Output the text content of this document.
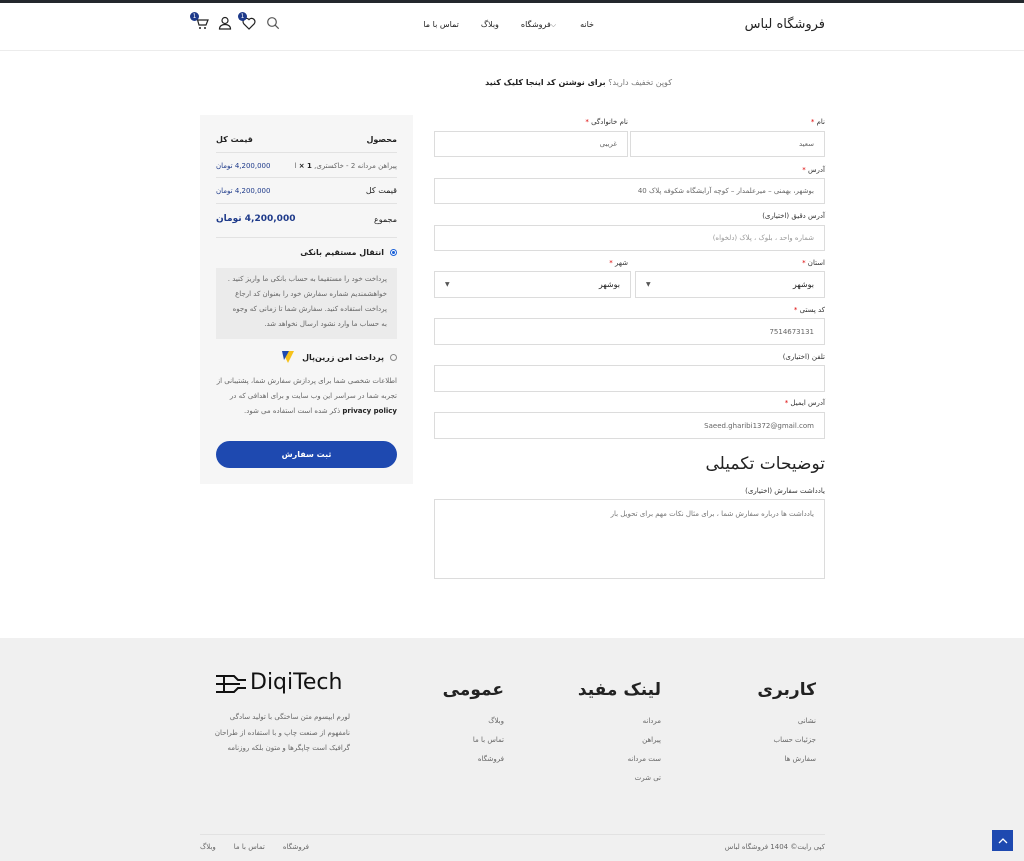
فروشگاه لباس
خانه
فروشگاه⌵
وبلاگ
تماس با ما
1	1
کوپن تخفیف دارید؟ برای نوشتن کد اینجا کلیک کنید
نام *
نام خانوادگی *
سعید
غریبی
آدرس *
بوشهر، بهمنی – میرعلمدار – کوچه آرایشگاه شکوفه پلاک 40
آدرس دقیق (اختیاری)
شماره واحد ، بلوک ، پلاک (دلخواه)
استان *
شهر *
بوشهر
▼
بوشهر
▼
کد پستی *
7514673131
تلفن (اختیاری)
آدرس ایمیل *
Saeed.gharibi1372@gmail.com
توضیحات تکمیلی
یادداشت سفارش (اختیاری)
یادداشت ها درباره سفارش شما ، برای مثال نکات مهم برای تحویل بار
محصول
قیمت کل
پیراهن مردانه 2 - خاکستری, l × 1
4,200,000 تومان
قیمت کل
4,200,000 تومان
مجموع
4,200,000 تومان
انتقال مستقیم بانکی
پرداخت خود را مستقیما به حساب بانکی ما واریز کنید . خواهشمندیم شماره سفارش خود را بعنوان کد ارجاع پرداخت استفاده کنید. سفارش شما تا زمانی که وجوه به حساب ما وارد نشود ارسال نخواهد شد.
پرداخت امن زرین‌پال
اطلاعات شخصی شما برای پردازش سفارش شما، پشتیبانی از تجربه شما در سراسر این وب سایت و برای اهدافی که در privacy policy ذکر شده است استفاده می شود.
ثبت سفارش
کاربری
نشانی
جزئیات حساب
سفارش ها
لینک مفید
مردانه
پیراهن
ست مردانه
تی شرت
عمومی
وبلاگ
تماس با ما
فروشگاه
DiqiTech
لورم ایپسوم متن ساختگی با تولید سادگی نامفهوم از صنعت چاپ و با استفاده از طراحان گرافیک است چاپگرها و متون بلکه روزنامه
کپی رایت© 1404 فروشگاه لباس
فروشگاه
تماس با ما
وبلاگ
